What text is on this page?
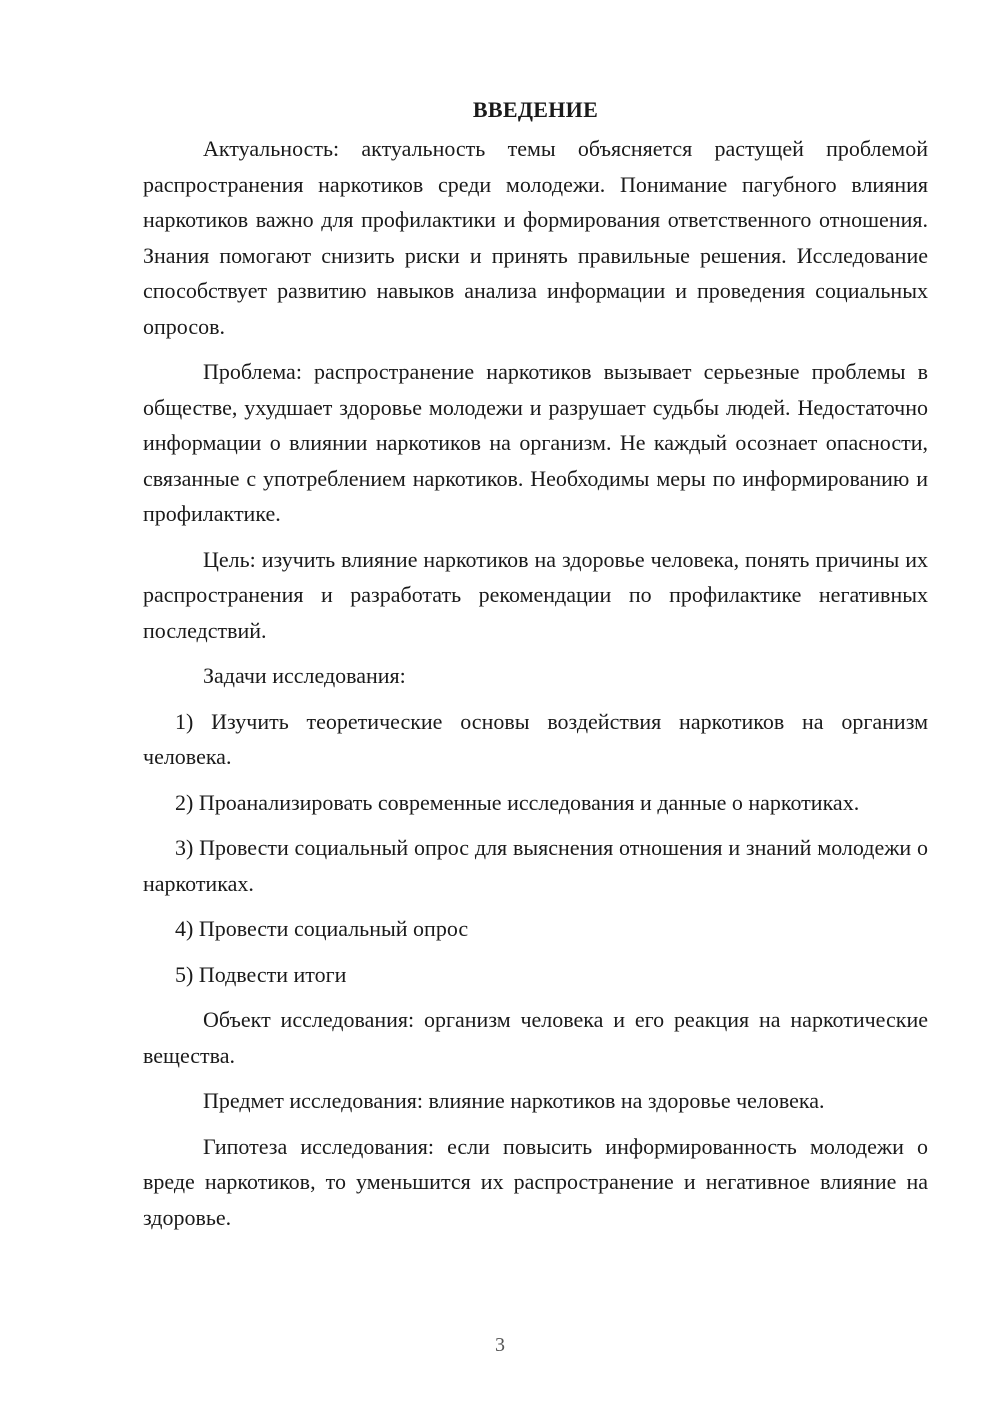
ВВЕДЕНИЕ

Актуальность: актуальность темы объясняется растущей проблемой распространения наркотиков среди молодежи. Понимание пагубного влияния наркотиков важно для профилактики и формирования ответственного отношения. Знания помогают снизить риски и принять правильные решения. Исследование способствует развитию навыков анализа информации и проведения социальных опросов.

Проблема: распространение наркотиков вызывает серьезные проблемы в обществе, ухудшает здоровье молодежи и разрушает судьбы людей. Недостаточно информации о влиянии наркотиков на организм. Не каждый осознает опасности, связанные с употреблением наркотиков. Необходимы меры по информированию и профилактике.

Цель: изучить влияние наркотиков на здоровье человека, понять причины их распространения и разработать рекомендации по профилактике негативных последствий.

Задачи исследования:

1) Изучить теоретические основы воздействия наркотиков на организм человека.

2) Проанализировать современные исследования и данные о наркотиках.

3) Провести социальный опрос для выяснения отношения и знаний молодежи о наркотиках.

4) Провести социальный опрос

5) Подвести итоги

Объект исследования: организм человека и его реакция на наркотические вещества.

Предмет исследования: влияние наркотиков на здоровье человека.

Гипотеза исследования: если повысить информированность молодежи о вреде наркотиков, то уменьшится их распространение и негативное влияние на здоровье.

3
